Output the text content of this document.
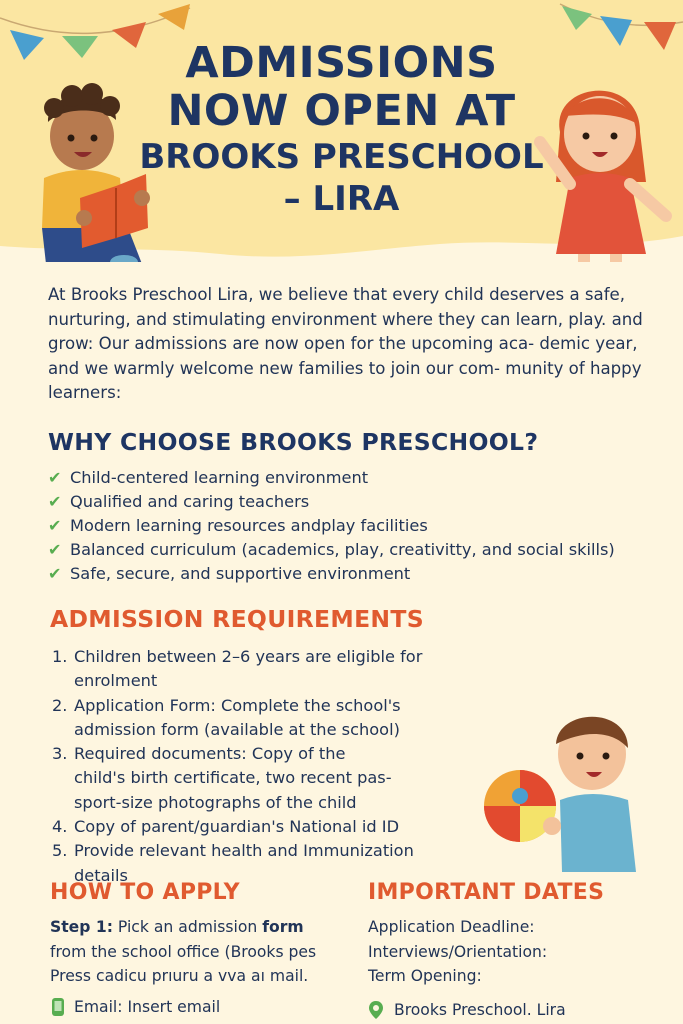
ADMISSIONS
NOW OPEN AT
BROOKS PRESCHOOL
– LIRA

At Brooks Preschool Lira, we believe that every child deserves a safe, nurturing, and stimulating environment where they can learn, play. and grow: Our admissions are now open for the upcoming aca- demic year, and we warmly welcome new families to join our com- munity of happy learners:

WHY CHOOSE BROOKS PRESCHOOL?
✔ Child-centered learning environment
✔ Qualified and caring teachers
✔ Modern learning resources andplay facilities
✔ Balanced curriculum (academics, play, creativitty, and social skills)
✔ Safe, secure, and supportive environment
ADMISSION REQUIREMENTS
1. Children between 2–6 years are eligible for enrolment
2. Application Form: Complete the school's
admission form (available at the school)
3. Required documents: Copy of the
child's birth certificate, two recent pas-
sport-size photographs of the child
4. Copy of parent/guardian's National id ID
5. Provide relevant health and Immunization
details
HOW TO APPLY
Step 1: Pick an admission form
from the school office (Brooks pes
Press cadicu prıuru a vva aı mail.
Email: Insert email
IMPORTANT DATES
Application Deadline:
Interviews/Orientation:
Term Opening:
Brooks Preschool. Lira
